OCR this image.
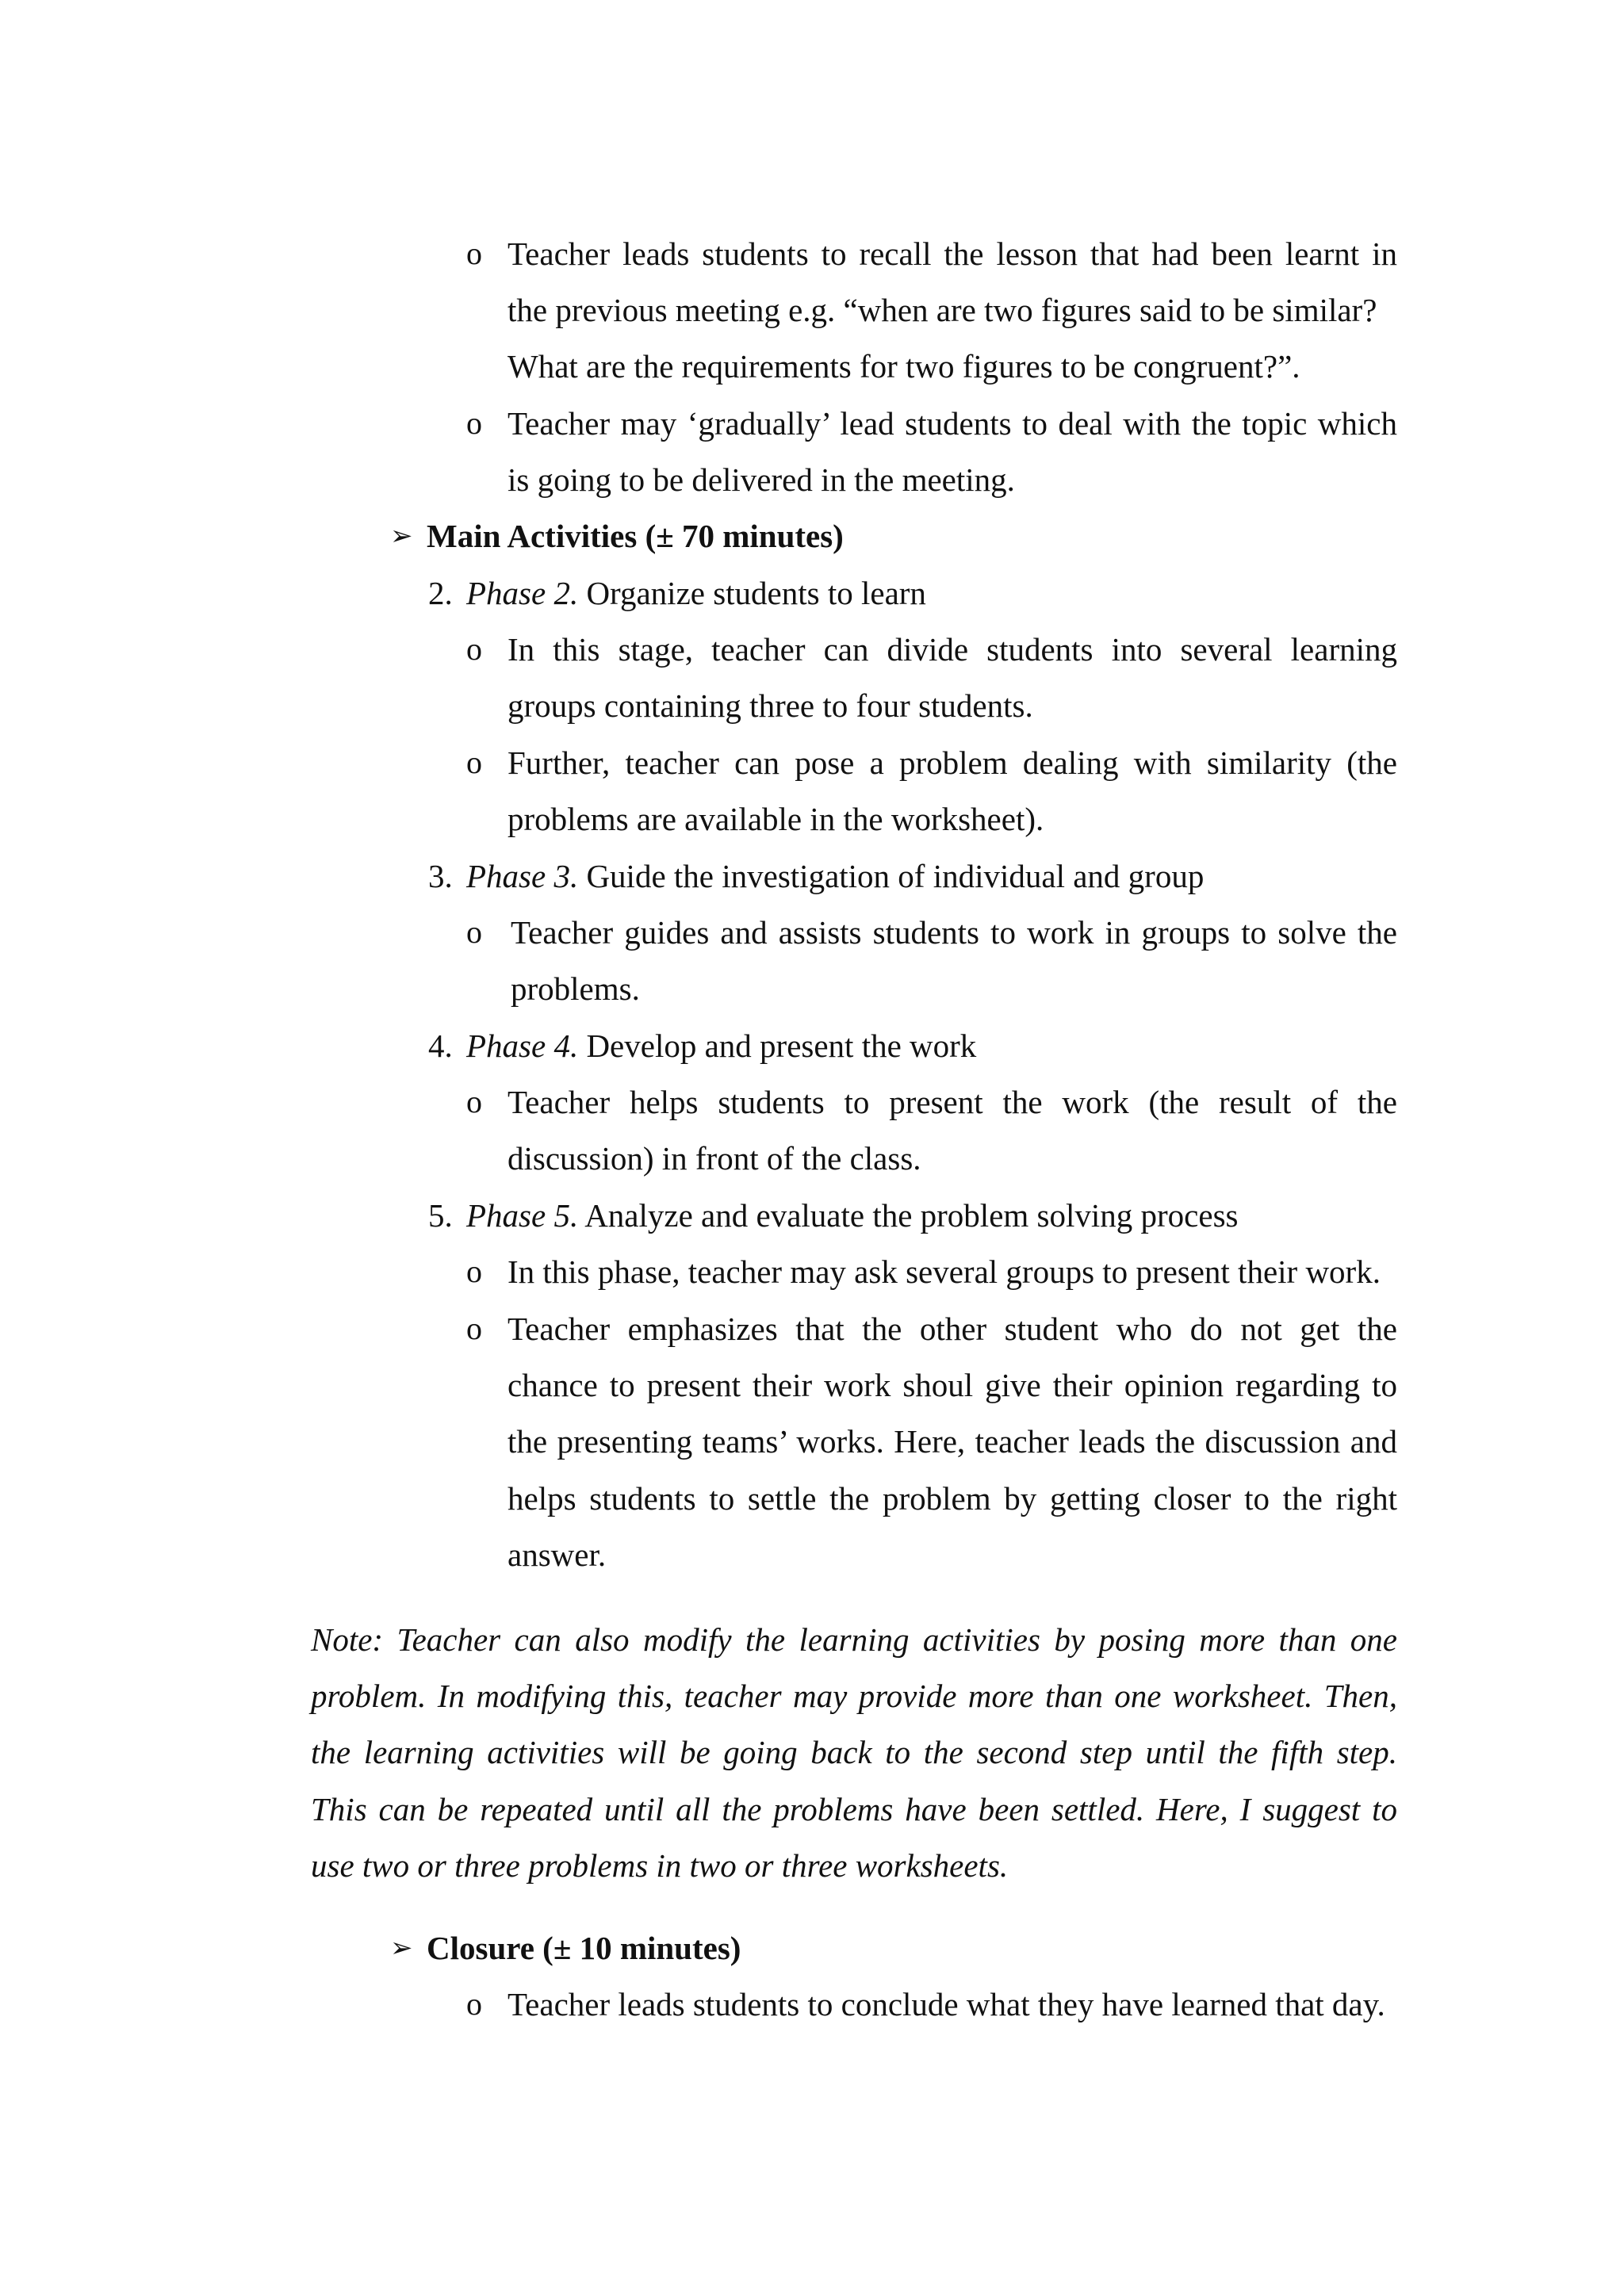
o Teacher leads students to recall the lesson that had been learnt in
the previous meeting e.g. “when are two figures said to be similar?
What are the requirements for two figures to be congruent?”.
o Teacher may ‘gradually’ lead students to deal with the topic which
is going to be delivered in the meeting.
➢ Main Activities (± 70 minutes)
2. Phase 2. Organize students to learn
o In this stage, teacher can divide students into several learning
groups containing three to four students.
o Further, teacher can pose a problem dealing with similarity (the
problems are available in the worksheet).
3. Phase 3. Guide the investigation of individual and group
o Teacher guides and assists students to work in groups to solve the
problems.
4. Phase 4. Develop and present the work
o Teacher helps students to present the work (the result of the
discussion) in front of the class.
5. Phase 5. Analyze and evaluate the problem solving process
o In this phase, teacher may ask several groups to present their work.
o Teacher emphasizes that the other student who do not get the
chance to present their work shoul give their opinion regarding to
the presenting teams’ works. Here, teacher leads the discussion and
helps students to settle the problem by getting closer to the right
answer.
Note: Teacher can also modify the learning activities by posing more than one
problem. In modifying this, teacher may provide more than one worksheet. Then,
the learning activities will be going back to the second step until the fifth step.
This can be repeated until all the problems have been settled. Here, I suggest to
use two or three problems in two or three worksheets.
➢ Closure (± 10 minutes)
o Teacher leads students to conclude what they have learned that day.
